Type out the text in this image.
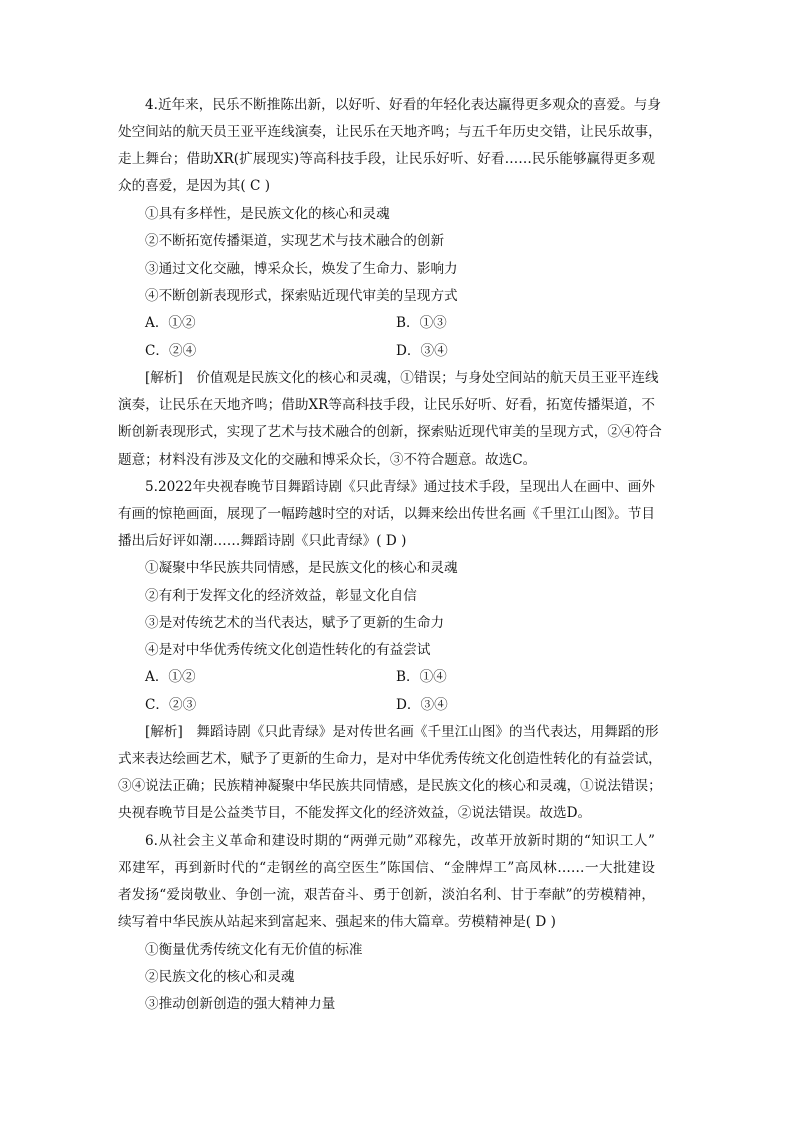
4.近年来，民乐不断推陈出新，以好听、好看的年轻化表达赢得更多观众的喜爱。与身
处空间站的航天员王亚平连线演奏，让民乐在天地齐鸣；与五千年历史交错，让民乐故事，
走上舞台；借助XR(扩展现实)等高科技手段，让民乐好听、好看……民乐能够赢得更多观
众的喜爱，是因为其( C )
①具有多样性，是民族文化的核心和灵魂
②不断拓宽传播渠道，实现艺术与技术融合的创新
③通过文化交融，博采众长，焕发了生命力、影响力
④不断创新表现形式，探索贴近现代审美的呈现方式
A．①②	B．①③
C．②④	D．③④
[解析]　价值观是民族文化的核心和灵魂，①错误；与身处空间站的航天员王亚平连线
演奏，让民乐在天地齐鸣；借助XR等高科技手段，让民乐好听、好看，拓宽传播渠道，不
断创新表现形式，实现了艺术与技术融合的创新，探索贴近现代审美的呈现方式，②④符合
题意；材料没有涉及文化的交融和博采众长，③不符合题意。故选C。
5.2022年央视春晚节目舞蹈诗剧《只此青绿》通过技术手段，呈现出人在画中、画外
有画的惊艳画面，展现了一幅跨越时空的对话，以舞来绘出传世名画《千里江山图》。节目
播出后好评如潮……舞蹈诗剧《只此青绿》( D )
①凝聚中华民族共同情感，是民族文化的核心和灵魂
②有利于发挥文化的经济效益，彰显文化自信
③是对传统艺术的当代表达，赋予了更新的生命力
④是对中华优秀传统文化创造性转化的有益尝试
A．①②	B．①④
C．②③	D．③④
[解析]　舞蹈诗剧《只此青绿》是对传世名画《千里江山图》的当代表达，用舞蹈的形
式来表达绘画艺术，赋予了更新的生命力，是对中华优秀传统文化创造性转化的有益尝试，
③④说法正确；民族精神凝聚中华民族共同情感，是民族文化的核心和灵魂，①说法错误；
央视春晚节目是公益类节目，不能发挥文化的经济效益，②说法错误。故选D。
6.从社会主义革命和建设时期的“两弹元勋”邓稼先，改革开放新时期的“知识工人”
邓建军，再到新时代的“走钢丝的高空医生”陈国信、“金牌焊工”高凤林……一大批建设
者发扬“爱岗敬业、争创一流，艰苦奋斗、勇于创新，淡泊名利、甘于奉献”的劳模精神，
续写着中华民族从站起来到富起来、强起来的伟大篇章。劳模精神是( D )
①衡量优秀传统文化有无价值的标准
②民族文化的核心和灵魂
③推动创新创造的强大精神力量
